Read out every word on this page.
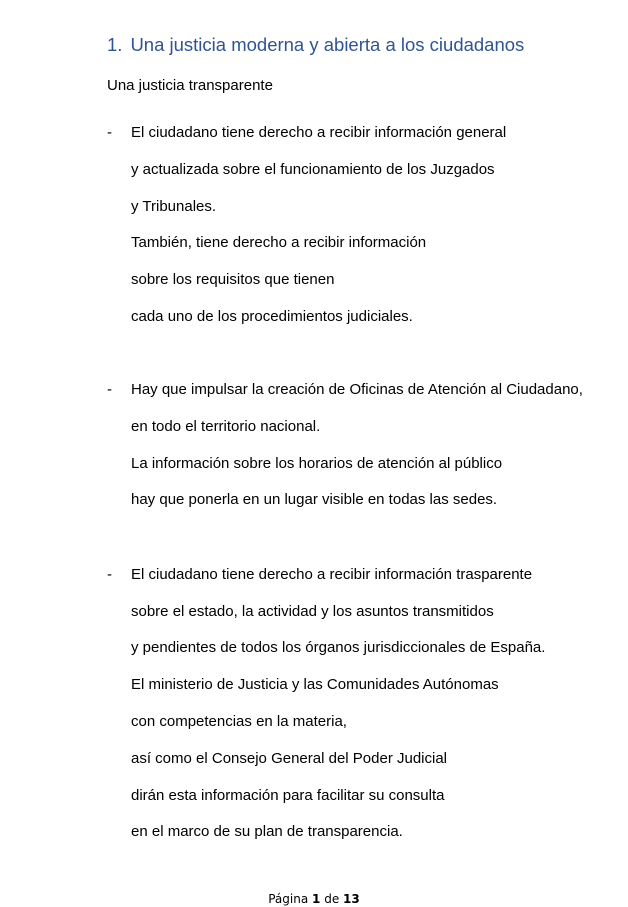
1. Una justicia moderna y abierta a los ciudadanos
Una justicia transparente
- El ciudadano tiene derecho a recibir información general
y actualizada sobre el funcionamiento de los Juzgados
y Tribunales.
También, tiene derecho a recibir información
sobre los requisitos que tienen
cada uno de los procedimientos judiciales.
- Hay que impulsar la creación de Oficinas de Atención al Ciudadano,
en todo el territorio nacional.
La información sobre los horarios de atención al público
hay que ponerla en un lugar visible en todas las sedes.
- El ciudadano tiene derecho a recibir información trasparente
sobre el estado, la actividad y los asuntos transmitidos
y pendientes de todos los órganos jurisdiccionales de España.
El ministerio de Justicia y las Comunidades Autónomas
con competencias en la materia,
así como el Consejo General del Poder Judicial
dirán esta información para facilitar su consulta
en el marco de su plan de transparencia.
Página 1 de 13
